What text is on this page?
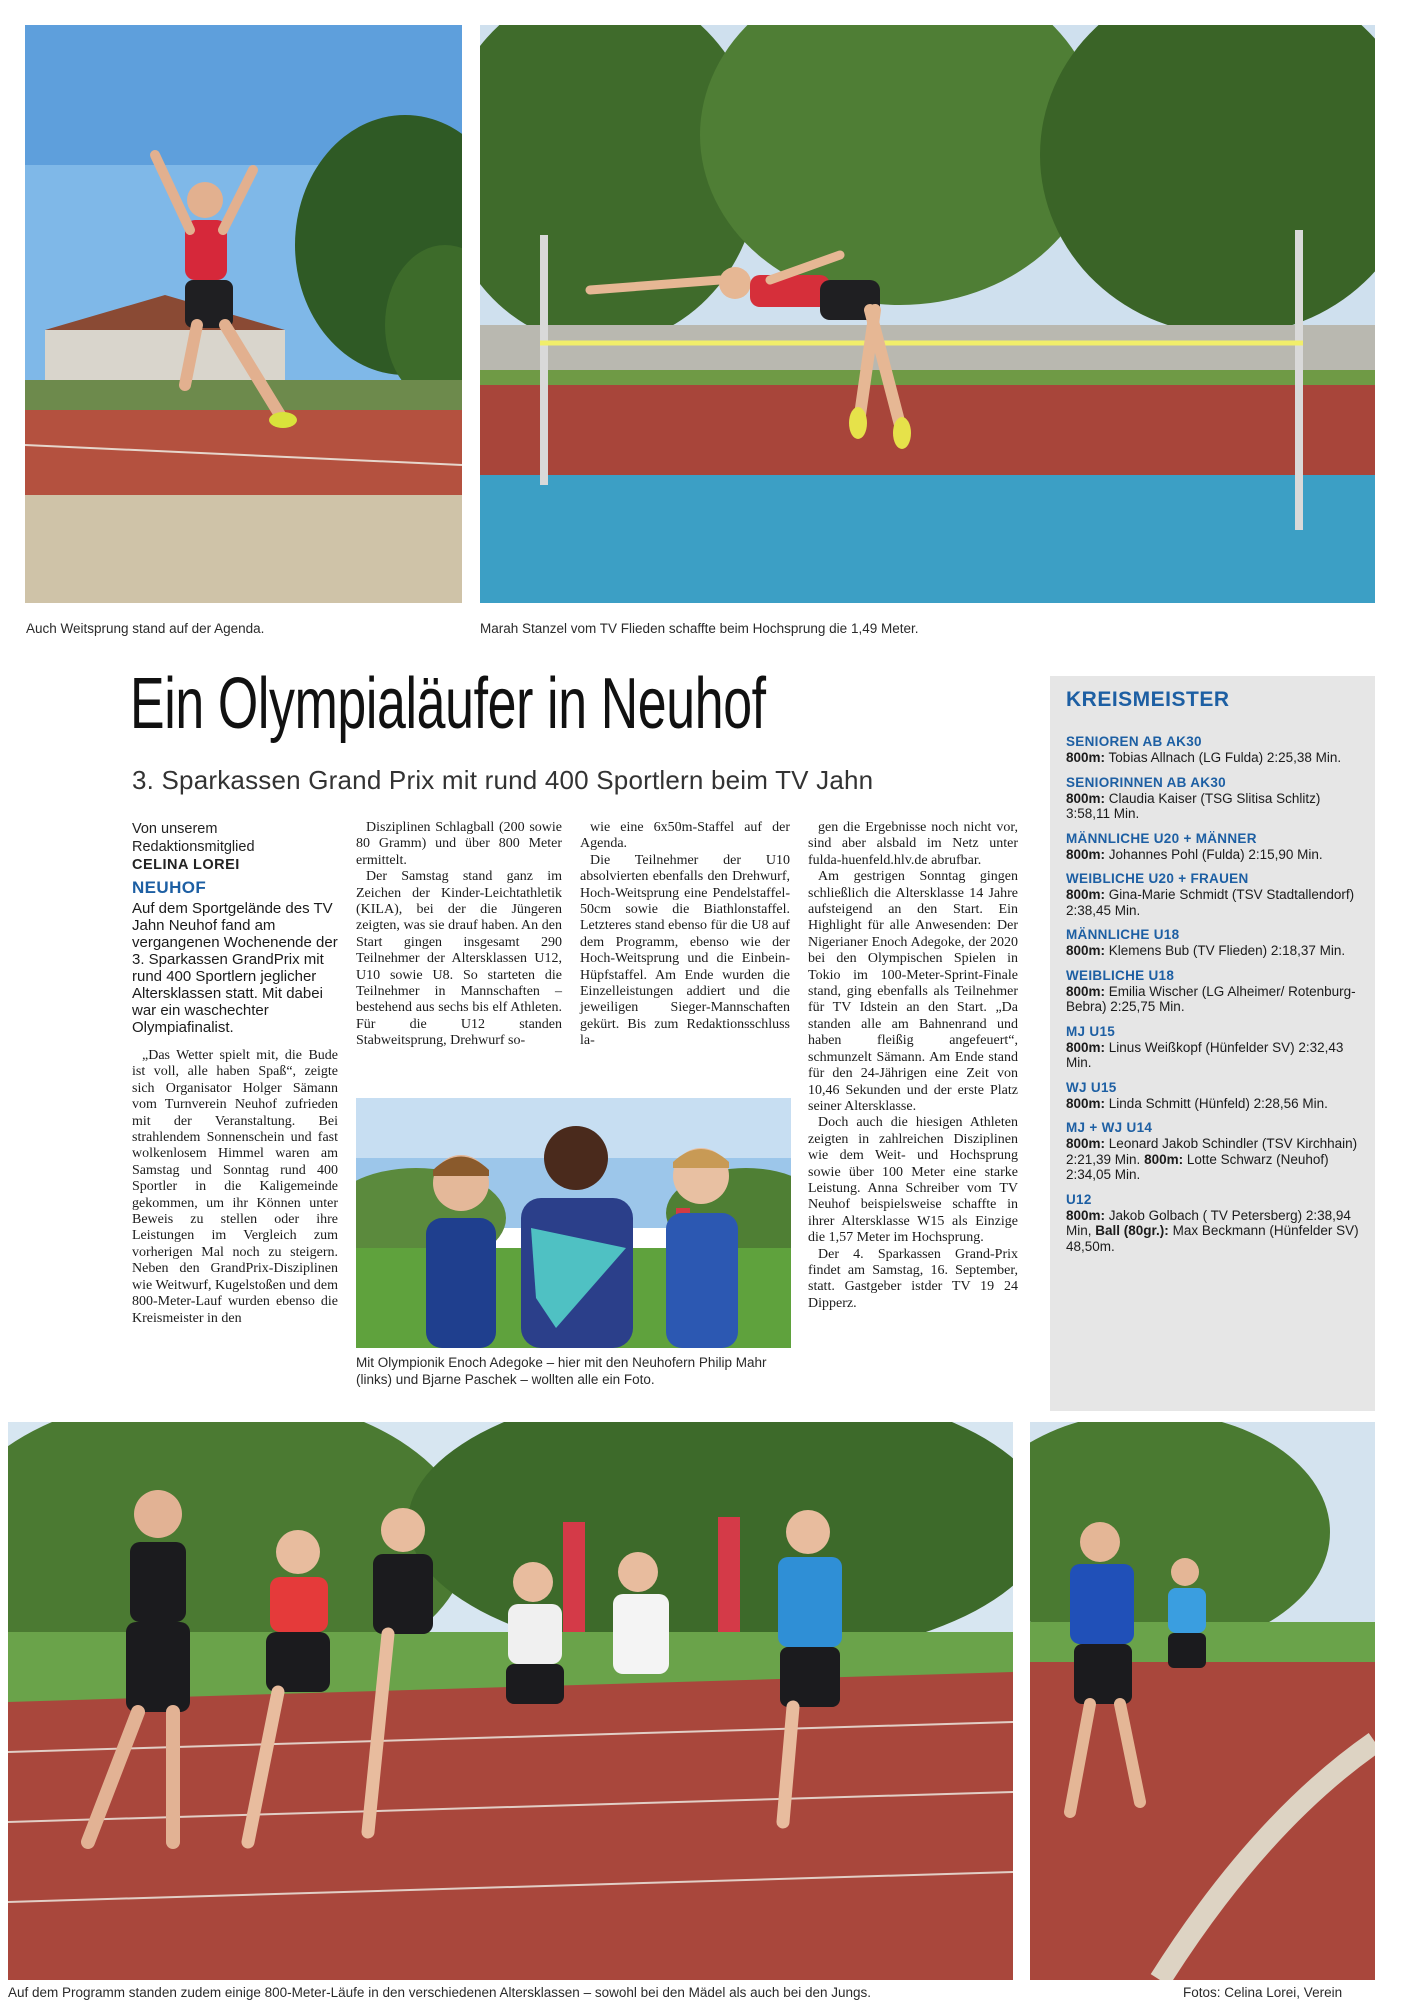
Auch Weitsprung stand auf der Agenda.	Marah Stanzel vom TV Flieden schaffte beim Hochsprung die 1,49 Meter.
Ein Olympialäufer in Neuhof
3. Sparkassen Grand Prix mit rund 400 Sportlern beim TV Jahn
Von unserem
Redaktionsmitglied
CELINA LOREI
NEUHOF
Auf dem Sportgelände des TV Jahn Neuhof fand am vergangenen Wochenende der 3. Sparkassen GrandPrix mit rund 400 Sportlern jeglicher Altersklassen statt. Mit dabei war ein waschechter Olympiafinalist.

„Das Wetter spielt mit, die Bude ist voll, alle haben Spaß“, zeigte sich Organisator Holger Sämann vom Turnverein Neuhof zufrieden mit der Veranstaltung. Bei strahlendem Sonnenschein und fast wolkenlosem Himmel waren am Samstag und Sonntag rund 400 Sportler in die Kaligemeinde gekommen, um ihr Können unter Beweis zu stellen oder ihre Leistungen im Vergleich zum vorherigen Mal noch zu steigern. Neben den GrandPrix-Disziplinen wie Weitwurf, Kugelstoßen und dem 800-Meter-Lauf wurden ebenso die Kreismeister in den

Disziplinen Schlagball (200 sowie 80 Gramm) und über 800 Meter ermittelt.

Der Samstag stand ganz im Zeichen der Kinder-Leichtathletik (KILA), bei der die Jüngeren zeigten, was sie drauf haben. An den Start gingen insgesamt 290 Teilnehmer der Altersklassen U12, U10 sowie U8. So starteten die Teilnehmer in Mannschaften – bestehend aus sechs bis elf Athleten. Für die U12 standen Stabweitsprung, Drehwurf so-

wie eine 6x50m-Staffel auf der Agenda.

Die Teilnehmer der U10 absolvierten ebenfalls den Drehwurf, Hoch-Weitsprung eine Pendelstaffel-50cm sowie die Biathlonstaffel. Letzteres stand ebenso für die U8 auf dem Programm, ebenso wie der Hoch-Weitsprung und die Einbein-Hüpfstaffel. Am Ende wurden die Einzelleistungen addiert und die jeweiligen Sieger-Mannschaften gekürt. Bis zum Redaktionsschluss la-

gen die Ergebnisse noch nicht vor, sind aber alsbald im Netz unter fulda-huenfeld.hlv.de abrufbar.

Am gestrigen Sonntag gingen schließlich die Altersklasse 14 Jahre aufsteigend an den Start. Ein Highlight für alle Anwesenden: Der Nigerianer Enoch Adegoke, der 2020 bei den Olympischen Spielen in Tokio im 100-Meter-Sprint-Finale stand, ging ebenfalls als Teilnehmer für TV Idstein an den Start. „Da standen alle am Bahnenrand und haben fleißig angefeuert“, schmunzelt Sämann. Am Ende stand für den 24-Jährigen eine Zeit von 10,46 Sekunden und der erste Platz seiner Altersklasse.

Doch auch die hiesigen Athleten zeigten in zahlreichen Disziplinen wie dem Weit- und Hochsprung sowie über 100 Meter eine starke Leistung. Anna Schreiber vom TV Neuhof beispielsweise schaffte in ihrer Altersklasse W15 als Einzige die 1,57 Meter im Hochsprung.

Der 4. Sparkassen Grand-Prix findet am Samstag, 16. September, statt. Gastgeber istder TV 19 24 Dipperz.

Mit Olympionik Enoch Adegoke – hier mit den Neuhofern Philip Mahr (links) und Bjarne Paschek – wollten alle ein Foto.
KREISMEISTER
SENIOREN AB AK30
800m: Tobias Allnach (LG Fulda) 2:25,38 Min.
SENIORINNEN AB AK30
800m: Claudia Kaiser (TSG Slitisa Schlitz) 3:58,11 Min.
MÄNNLICHE U20 + MÄNNER
800m: Johannes Pohl (Fulda) 2:15,90 Min.
WEIBLICHE U20 + FRAUEN
800m: Gina-Marie Schmidt (TSV Stadtallendorf) 2:38,45 Min.
MÄNNLICHE U18
800m: Klemens Bub (TV Flieden) 2:18,37 Min.
WEIBLICHE U18
800m: Emilia Wischer (LG Alheimer/ Rotenburg-Bebra) 2:25,75 Min.
MJ U15
800m: Linus Weißkopf (Hünfelder SV) 2:32,43 Min.
WJ U15
800m: Linda Schmitt (Hünfeld) 2:28,56 Min.
MJ + WJ U14
800m: Leonard Jakob Schindler (TSV Kirchhain) 2:21,39 Min. 800m: Lotte Schwarz (Neuhof) 2:34,05 Min.
U12
800m: Jakob Golbach ( TV Petersberg) 2:38,94 Min, Ball (80gr.): Max Beckmann (Hünfelder SV) 48,50m.
Auf dem Programm standen zudem einige 800-Meter-Läufe in den verschiedenen Altersklassen – sowohl bei den Mädel als auch bei den Jungs.	Fotos: Celina Lorei, Verein
